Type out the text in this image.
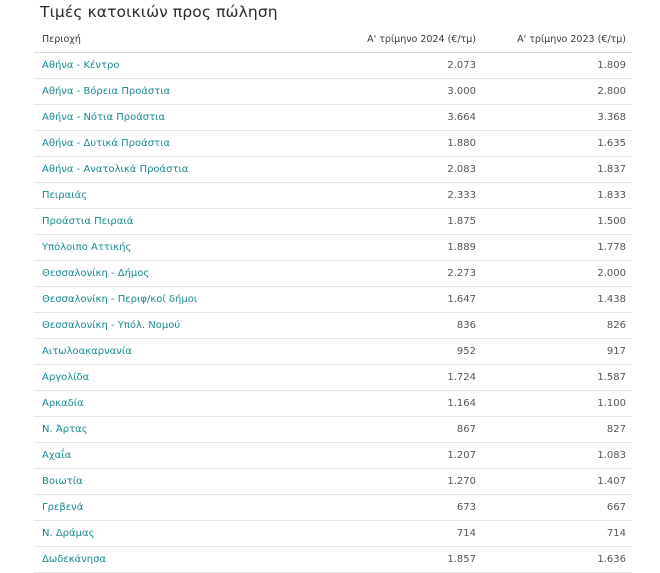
Τιμές κατοικιών προς πώληση
Περιοχή	Α' τρίμηνο 2024 (€/τμ)	Α' τρίμηνο 2023 (€/τμ)
Αθήνα - Κέντρο	2.073	1.809
Αθήνα - Βόρεια Προάστια	3.000	2.800
Αθήνα - Νότια Προάστια	3.664	3.368
Αθήνα - Δυτικά Προάστια	1.880	1.635
Αθήνα - Ανατολικά Προάστια	2.083	1.837
Πειραιάς	2.333	1.833
Προάστια Πειραιά	1.875	1.500
Υπόλοιπο Αττικής	1.889	1.778
Θεσσαλονίκη - Δήμος	2.273	2.000
Θεσσαλονίκη - Περιφ/κοί δήμοι	1.647	1.438
Θεσσαλονίκη - Υπόλ. Νομού	836	826
Αιτωλοακαρνανία	952	917
Αργολίδα	1.724	1.587
Αρκαδία	1.164	1.100
Ν. Άρτας	867	827
Αχαΐα	1.207	1.083
Βοιωτία	1.270	1.407
Γρεβενά	673	667
Ν. Δράμας	714	714
Δωδεκάνησα	1.857	1.636
